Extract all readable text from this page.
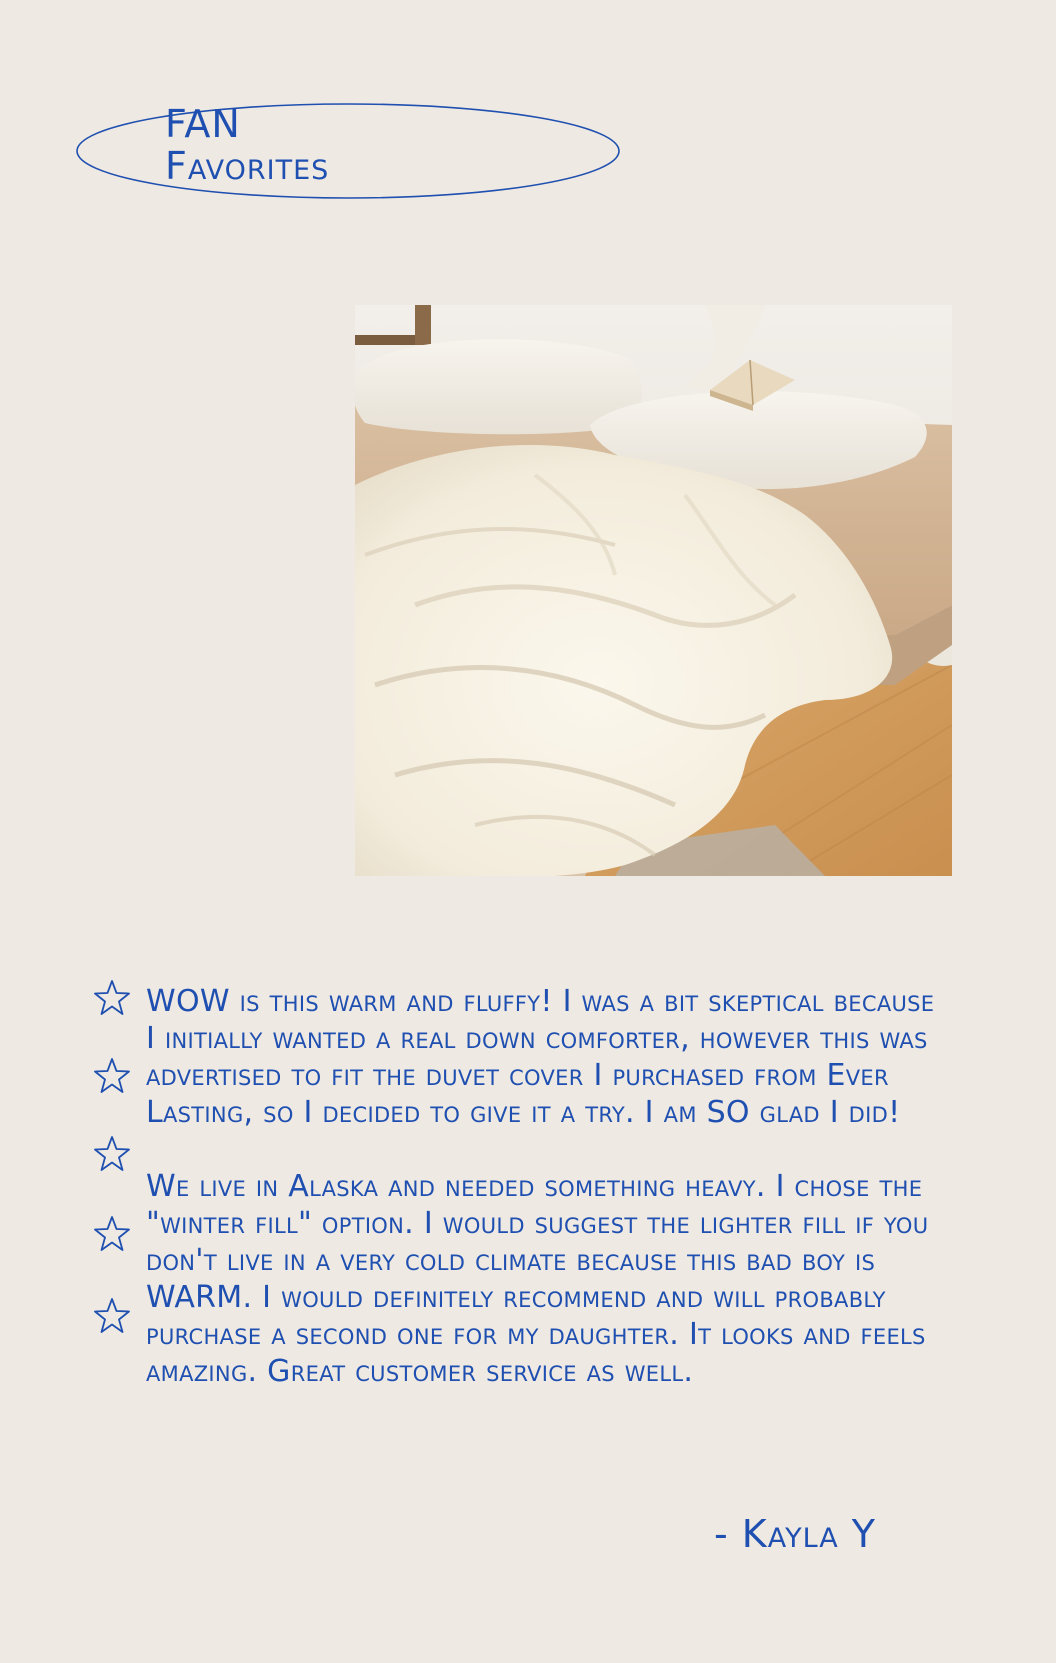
FAN
Favorites

WOW is this warm and fluffy! I was a bit skeptical because I initially wanted a real down comforter, however this was advertised to fit the duvet cover I purchased from Ever Lasting, so I decided to give it a try. I am SO glad I did!

We live in Alaska and needed something heavy. I chose the "winter fill" option. I would suggest the lighter fill if you don't live in a very cold climate because this bad boy is WARM. I would definitely recommend and will probably purchase a second one for my daughter. It looks and feels amazing. Great customer service as well.

- Kayla Y
